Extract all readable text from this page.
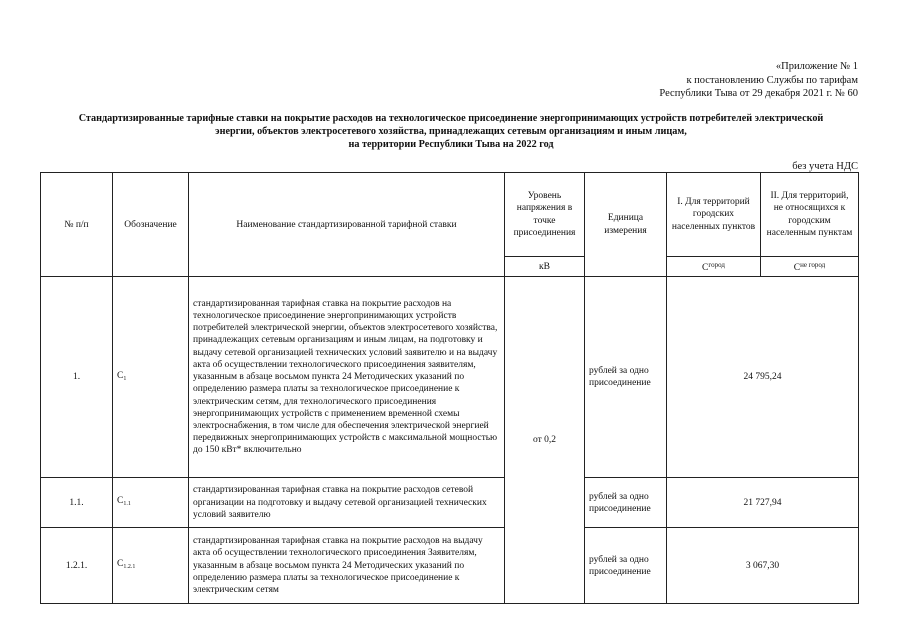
«Приложение № 1
к постановлению Службы по тарифам
Республики Тыва от 29 декабря 2021 г. № 60
Стандартизированные тарифные ставки на покрытие расходов на технологическое присоединение энергопринимающих устройств потребителей электрической
энергии, объектов электросетевого хозяйства, принадлежащих сетевым организациям и иным лицам,
на территории Республики Тыва на 2022 год
без учета НДС
№ п/п	Обозначение	Наименование стандартизированной тарифной ставки	Уровень напряжения в точке присоединения	Единица измерения	I. Для территорий городских населенных пунктов	II. Для территорий, не относящихся к городским населенным пунктам
			кВ		$C^{город}$	$C^{не город}$
1.	$C_1$	стандартизированная тарифная ставка на покрытие расходов на технологическое присоединение энергопринимающих устройств потребителей электрической энергии, объектов электросетевого хозяйства, принадлежащих сетевым организациям и иным лицам, на подготовку и выдачу сетевой организацией технических условий заявителю и на выдачу акта об осуществлении технологического присоединения заявителям, указанным в абзаце восьмом пункта 24 Методических указаний по определению размера платы за технологическое присоединение к электрическим сетям, для технологического присоединения энергопринимающих устройств с применением временной схемы электроснабжения, в том числе для обеспечения электрической энергией передвижных энергопринимающих устройств с максимальной мощностью до 150 кВт* включительно	от 0,2	рублей за одно присоединение	24 795,24	
1.1.	$C_{1.1}$	стандартизированная тарифная ставка на покрытие расходов сетевой организации на подготовку и выдачу сетевой организацией технических условий заявителю		рублей за одно присоединение	21 727,94	
1.2.1.	$C_{1.2.1}$	стандартизированная тарифная ставка на покрытие расходов на выдачу акта об осуществлении технологического присоединения Заявителям, указанным в абзаце восьмом пункта 24 Методических указаний по определению размера платы за технологическое присоединение к электрическим сетям		рублей за одно присоединение	3 067,30	
